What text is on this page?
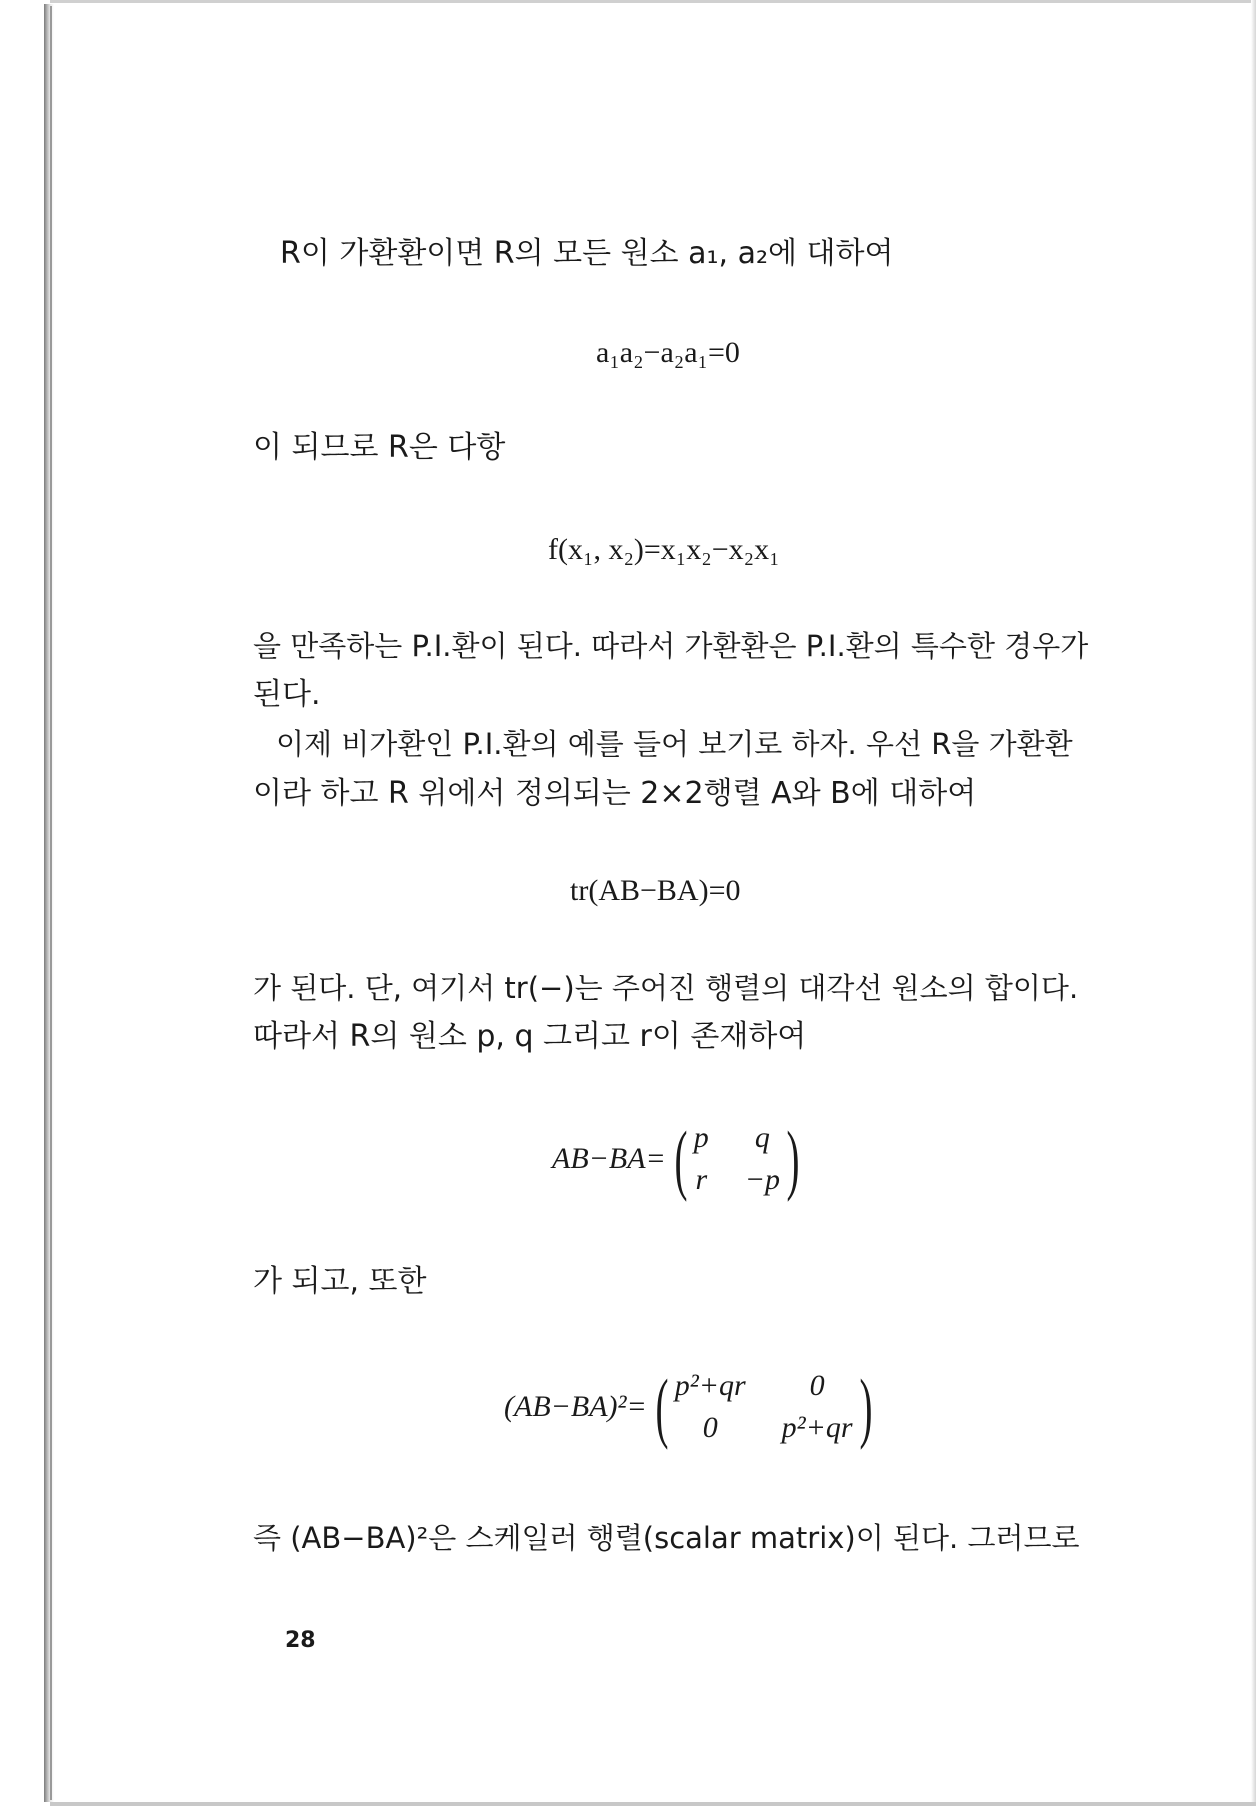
R이 가환환이면 R의 모든 원소 a₁, a₂에 대하여
a₁a₂−a₂a₁=0
이 되므로 R은 다항
f(x₁, x₂)=x₁x₂−x₂x₁
을 만족하는 P.I.환이 된다. 따라서 가환환은 P.I.환의 특수한 경우가
된다.
이제 비가환인 P.I.환의 예를 들어 보기로 하자. 우선 R을 가환환
이라 하고 R 위에서 정의되는 2×2행렬 A와 B에 대하여
tr(AB−BA)=0
가 된다. 단, 여기서 tr(−)는 주어진 행렬의 대각선 원소의 합이다.
따라서 R의 원소 p, q 그리고 r이 존재하여
AB−BA= ( p	q
r −p )
가 되고, 또한
(AB−BA)²= ( p²+qr	0
0	p²+qr )
즉 (AB−BA)²은 스케일러 행렬(scalar matrix)이 된다. 그러므로
28
